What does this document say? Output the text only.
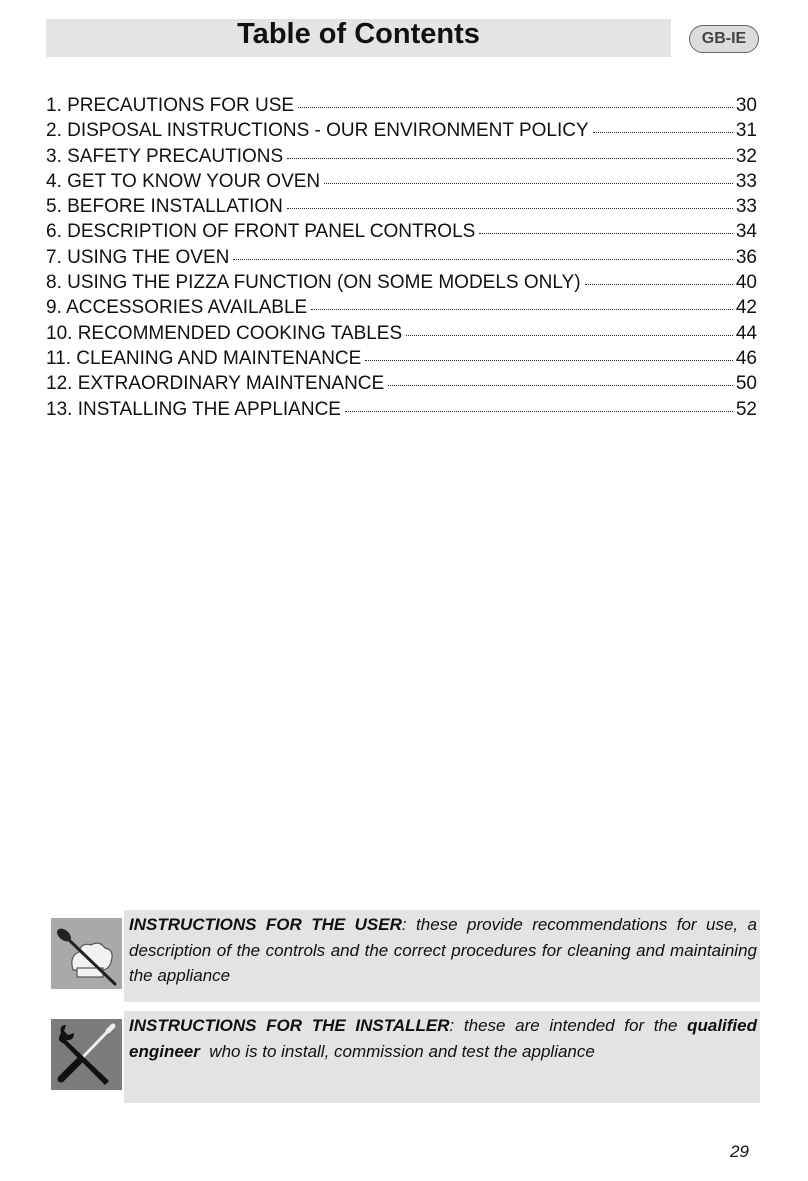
Table of Contents	GB-IE
1. PRECAUTIONS FOR USE	30
2. DISPOSAL INSTRUCTIONS - OUR ENVIRONMENT POLICY	31
3. SAFETY PRECAUTIONS	32
4. GET TO KNOW YOUR OVEN	33
5. BEFORE INSTALLATION	33
6. DESCRIPTION OF FRONT PANEL CONTROLS	34
7. USING THE OVEN	36
8. USING THE PIZZA FUNCTION (ON SOME MODELS ONLY)	40
9. ACCESSORIES AVAILABLE	42
10. RECOMMENDED COOKING TABLES	44
11. CLEANING AND MAINTENANCE	46
12. EXTRAORDINARY MAINTENANCE	50
13. INSTALLING THE APPLIANCE	52
INSTRUCTIONS FOR THE USER: these provide recommendations for use, a description of the controls and the correct procedures for cleaning and maintaining the appliance
INSTRUCTIONS FOR THE INSTALLER: these are intended for the qualified engineer  who is to install, commission and test the appliance
29
